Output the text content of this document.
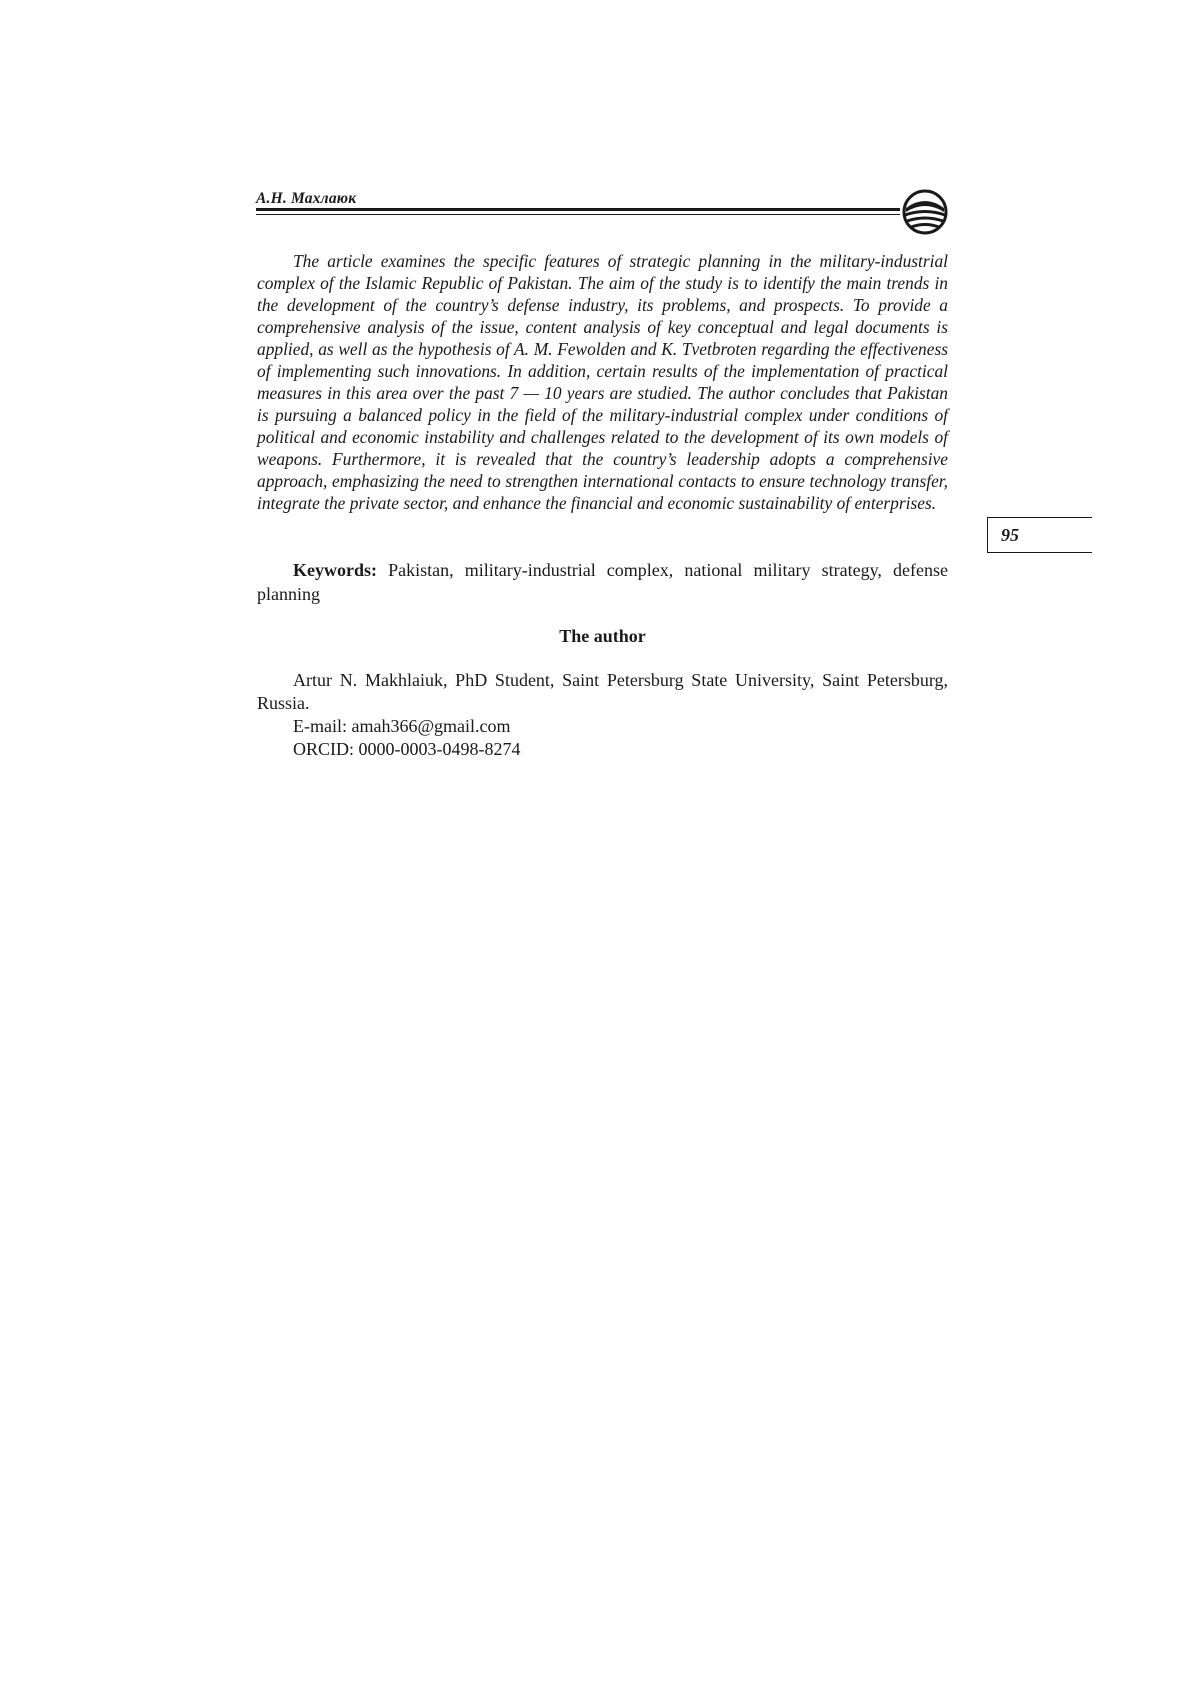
А.Н. Махлаюк

The article examines the specific features of strategic planning in the military-industrial complex of the Islamic Republic of Pakistan. The aim of the study is to identify the main trends in the development of the country’s defense industry, its problems, and prospects. To provide a comprehensive analysis of the issue, content analysis of key conceptual and legal documents is applied, as well as the hypothesis of A. M. Fewolden and K. Tvetbroten regarding the effectiveness of implementing such innovations. In addition, certain results of the implementation of practical measures in this area over the past 7 — 10 years are studied. The author concludes that Pakistan is pursuing a balanced policy in the field of the military-industrial complex under conditions of political and economic instability and challenges related to the development of its own models of weapons. Furthermore, it is revealed that the country’s leadership adopts a comprehensive approach, emphasizing the need to strengthen international contacts to ensure technology transfer, integrate the private sector, and enhance the financial and economic sustainability of enterprises.

95

Keywords: Pakistan, military-industrial complex, national military strategy, defense planning

The author

Artur N. Makhlaiuk, PhD Student, Saint Petersburg State University, Saint Petersburg, Russia.
E-mail: amah366@gmail.com
ORCID: 0000-0003-0498-8274
